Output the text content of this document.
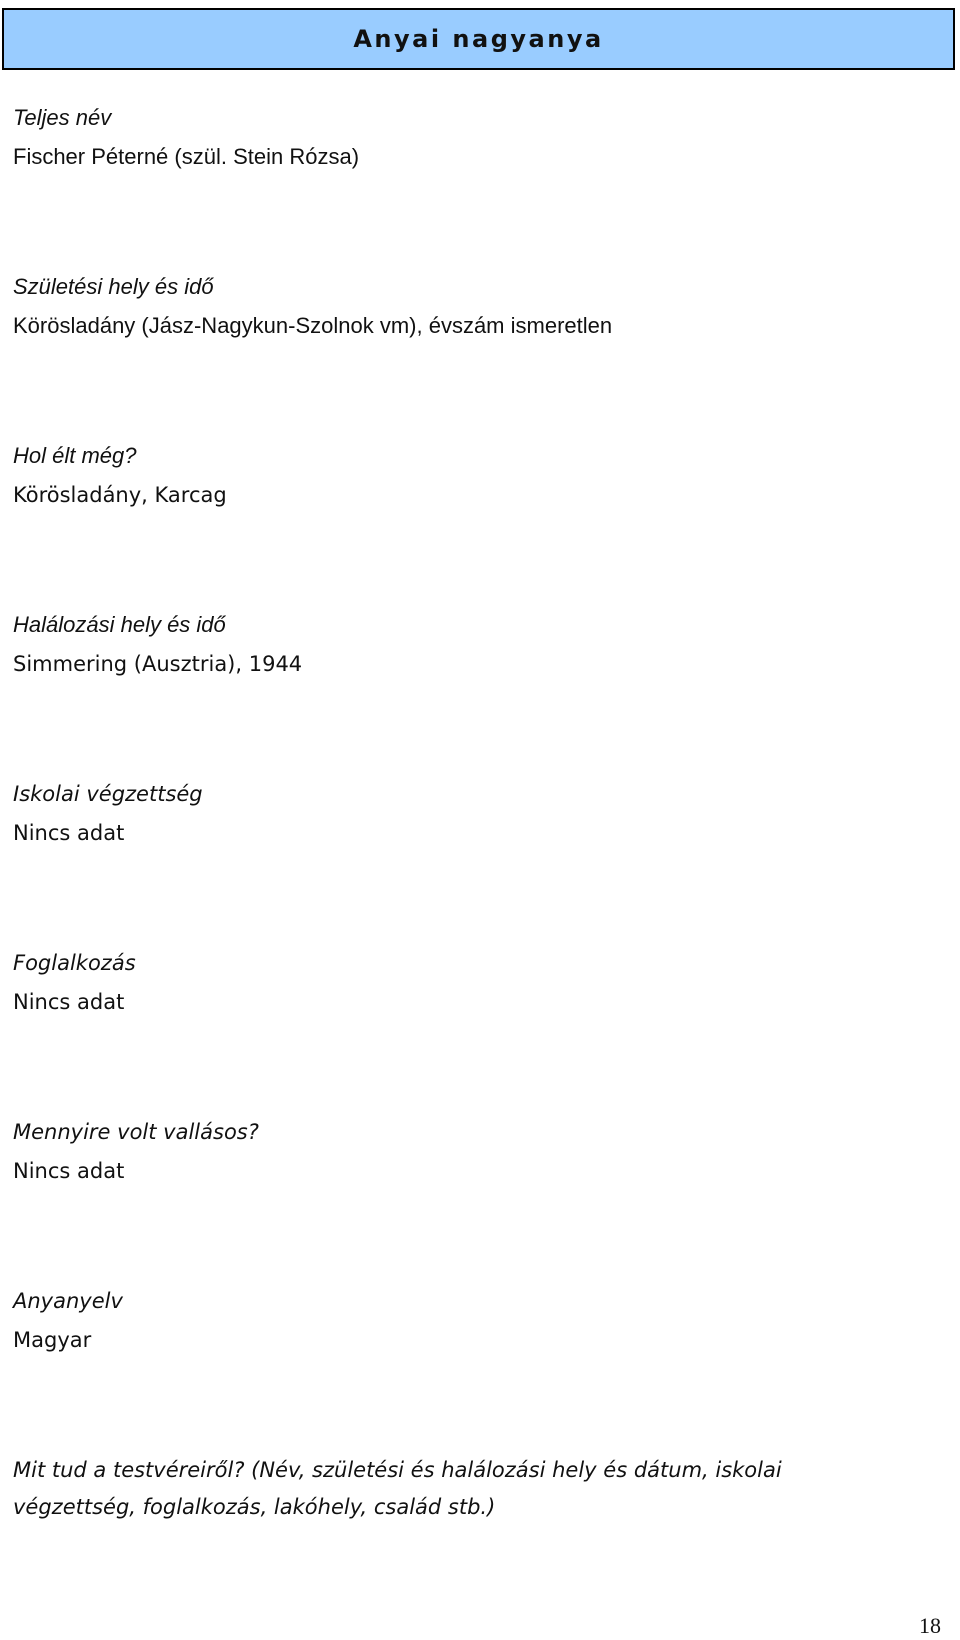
Anyai nagyanya
Teljes név
Fischer Péterné (szül. Stein Rózsa)
Születési hely és idő
Körösladány (Jász-Nagykun-Szolnok vm), évszám ismeretlen
Hol élt még?
Körösladány, Karcag
Halálozási hely és idő
Simmering (Ausztria), 1944
Iskolai végzettség
Nincs adat
Foglalkozás
Nincs adat
Mennyire volt vallásos?
Nincs adat
Anyanyelv
Magyar
Mit tud a testvéreiről? (Név, születési és halálozási hely és dátum, iskolai
végzettség, foglalkozás, lakóhely, család stb.)
18
